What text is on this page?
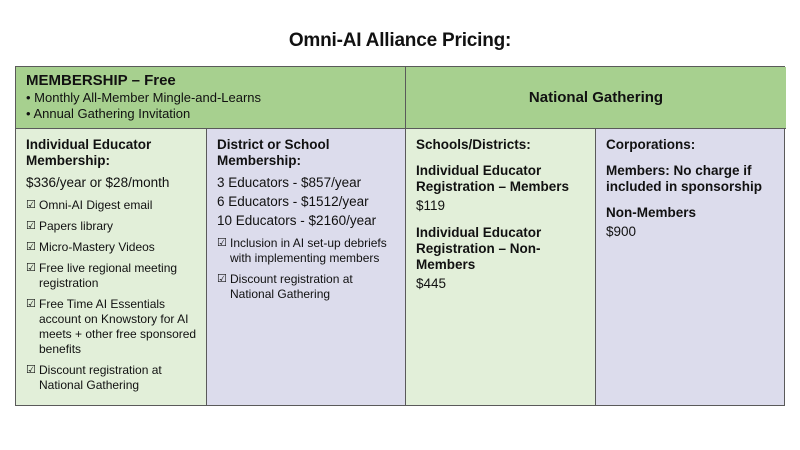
Omni-AI Alliance Pricing:
MEMBERSHIP – Free
• Monthly All-Member Mingle-and-Learns
• Annual Gathering Invitation
National Gathering
Individual Educator Membership:
$336/year or $28/month
☑ Omni-AI Digest email
☑ Papers library
☑ Micro-Mastery Videos
☑ Free live regional meeting registration
☑ Free Time AI Essentials account on Knowstory for AI meets + other free sponsored benefits
☑ Discount registration at National Gathering
District or School Membership:
3 Educators - $857/year
6 Educators - $1512/year
10 Educators - $2160/year
☑ Inclusion in AI set-up debriefs with implementing members
☑ Discount registration at National Gathering
Schools/Districts:
Individual Educator Registration – Members
$119
Individual Educator Registration – Non-Members
$445
Corporations:
Members: No charge if included in sponsorship
Non-Members
$900
